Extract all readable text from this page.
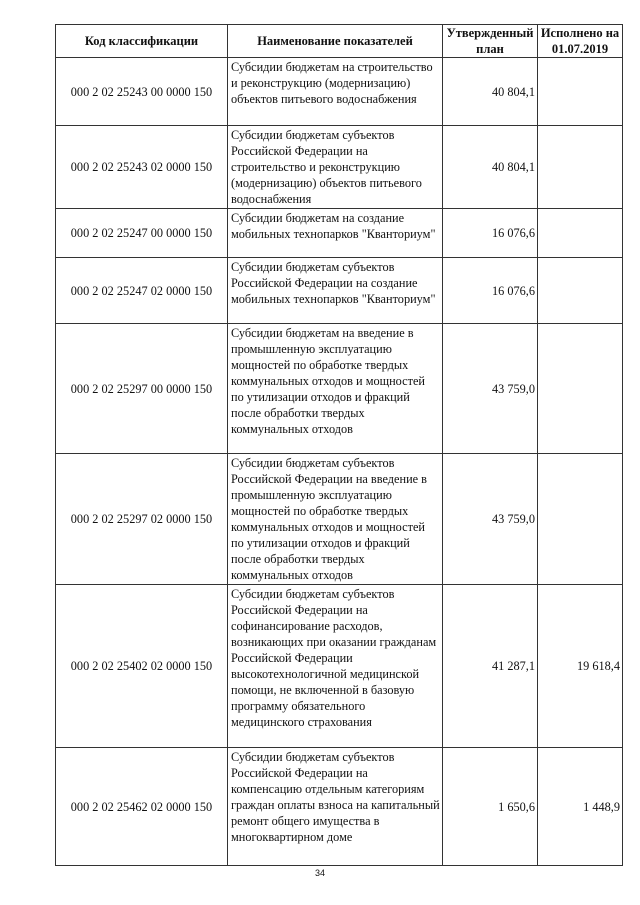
Код классификации	Наименование показателей	Утвержденный план	Исполнено на 01.07.2019
000 2 02 25243 00 0000 150	Субсидии бюджетам на строительство и реконструкцию (модернизацию) объектов питьевого водоснабжения	40 804,1	
000 2 02 25243 02 0000 150	Субсидии бюджетам субъектов Российской Федерации на строительство и реконструкцию (модернизацию) объектов питьевого водоснабжения	40 804,1	
000 2 02 25247 00 0000 150	Субсидии бюджетам на создание мобильных технопарков "Кванториум"	16 076,6	
000 2 02 25247 02 0000 150	Субсидии бюджетам субъектов Российской Федерации на создание мобильных технопарков "Кванториум"	16 076,6	
000 2 02 25297 00 0000 150	Субсидии бюджетам на введение в промышленную эксплуатацию мощностей по обработке твердых коммунальных отходов и мощностей по утилизации отходов и фракций после обработки твердых коммунальных отходов	43 759,0	
000 2 02 25297 02 0000 150	Субсидии бюджетам субъектов Российской Федерации на введение в промышленную эксплуатацию мощностей по обработке твердых коммунальных отходов и мощностей по утилизации отходов и фракций после обработки твердых коммунальных отходов	43 759,0	
000 2 02 25402 02 0000 150	Субсидии бюджетам субъектов Российской Федерации на софинансирование расходов, возникающих при оказании гражданам Российской Федерации высокотехнологичной медицинской помощи, не включенной в базовую программу обязательного медицинского страхования	41 287,1	19 618,4
000 2 02 25462 02 0000 150	Субсидии бюджетам субъектов Российской Федерации на компенсацию отдельным категориям граждан оплаты взноса на капитальный ремонт общего имущества в многоквартирном доме	1 650,6	1 448,9
34
